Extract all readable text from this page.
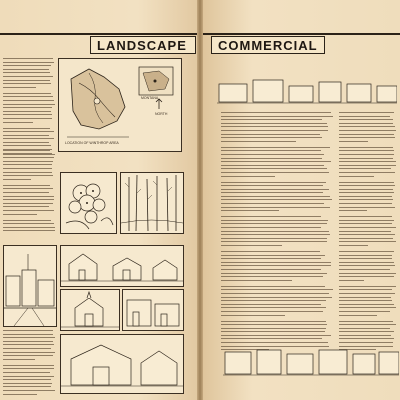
LANDSCAPE
MONTANA
NORTH
LOCATION OF WINTHROP AREA
COMMERCIAL
